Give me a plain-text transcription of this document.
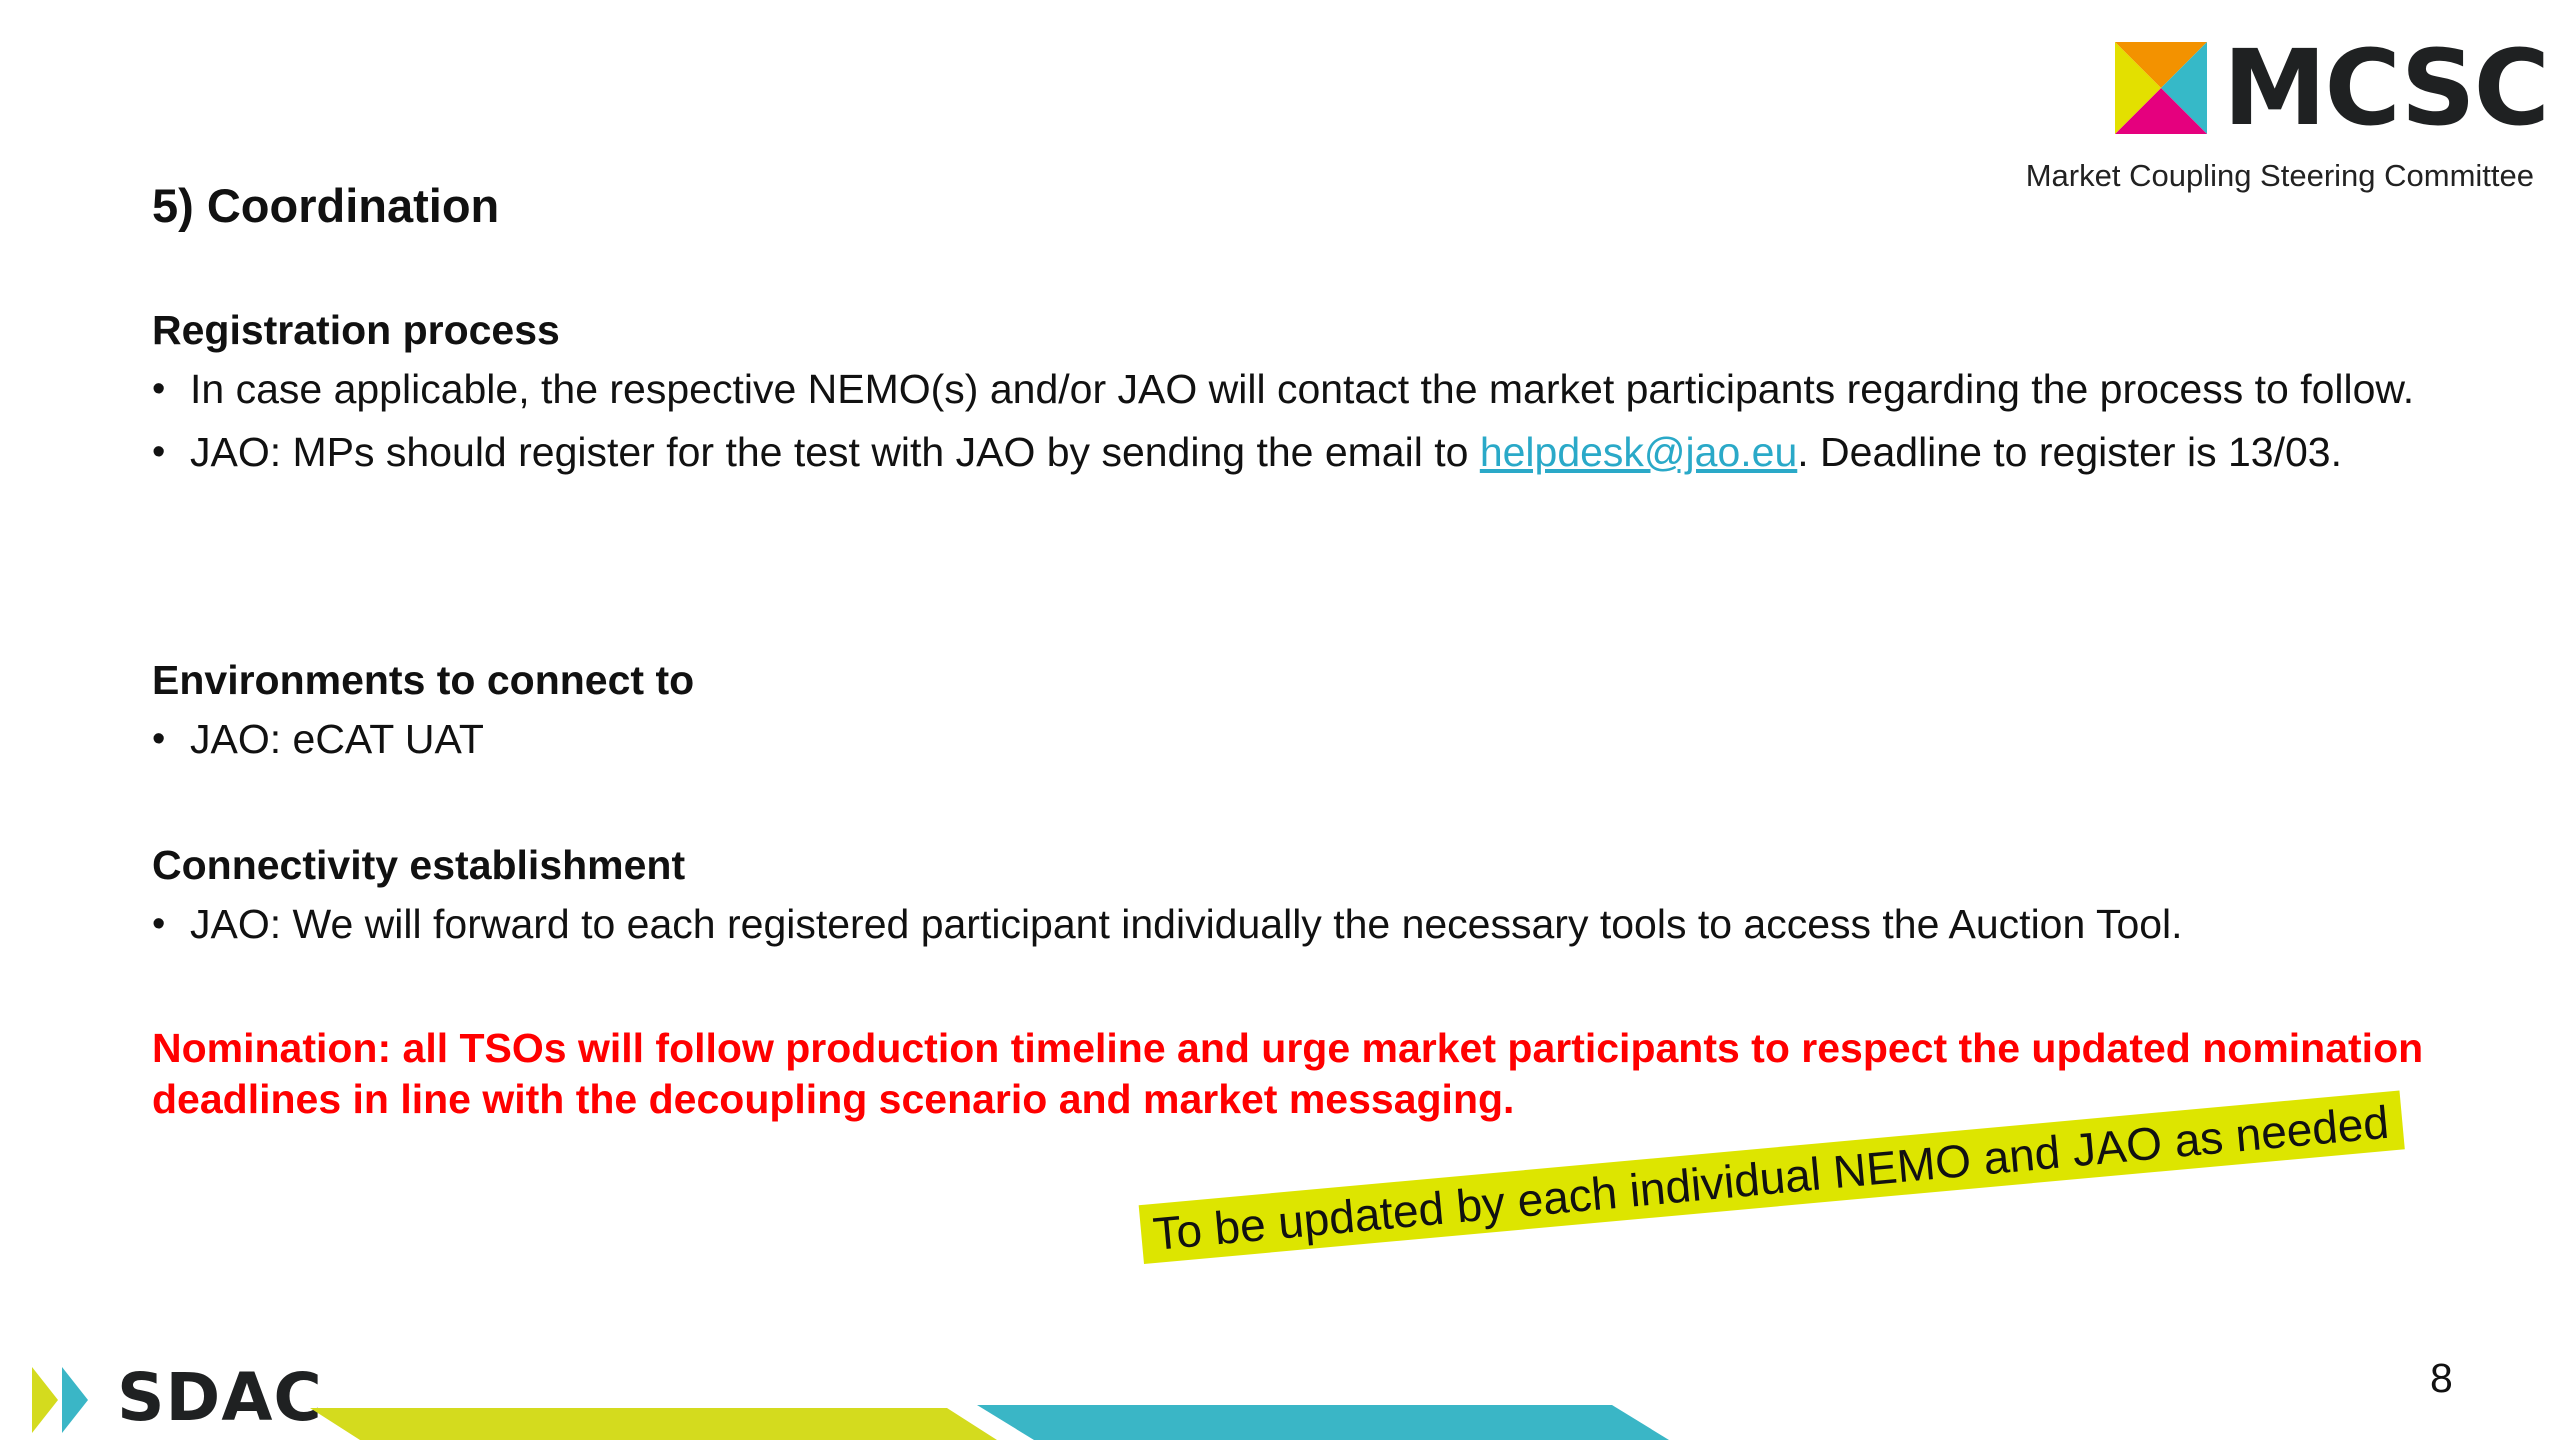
MCSC
Market Coupling Steering Committee
5) Coordination
Registration process
• In case applicable, the respective NEMO(s) and/or JAO will contact the market participants regarding the process to follow.
• JAO: MPs should register for the test with JAO by sending the email to helpdesk@jao.eu. Deadline to register is 13/03.
Environments to connect to
• JAO: eCAT UAT
Connectivity establishment
• JAO: We will forward to each registered participant individually the necessary tools to access the Auction Tool.
Nomination: all TSOs will follow production timeline and urge market participants to respect the updated nomination deadlines in line with the decoupling scenario and market messaging.
To be updated by each individual NEMO and JAO as needed
8
SDAC
